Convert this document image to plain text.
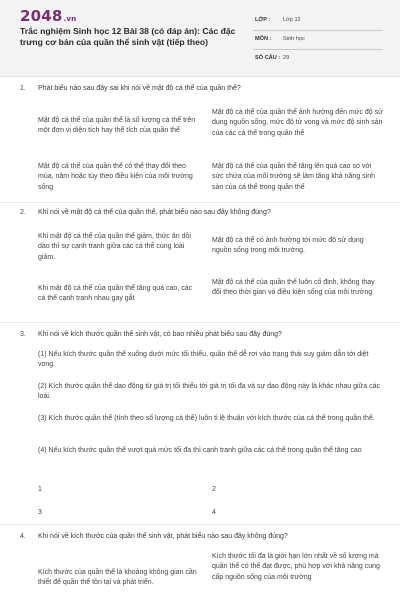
2048.vn
Trắc nghiệm Sinh học 12 Bài 38 (có đáp án): Các đặc trưng cơ bản của quần thể sinh vật (tiếp theo)
LỚP : Lớp 12
MÔN : Sinh học
SỐ CÂU : 29
1. Phát biểu nào sau đây sai khi nói về mật độ cá thể của quần thể?
Mật độ cá thể của quần thể là số lượng cá thể trên một đơn vị diện tích hay thể tích của quần thể
Mật độ cá thể của quần thể ảnh hưởng đến mức độ sử dụng nguồn sống, mức độ tử vong và mức độ sinh sản của các cá thể trong quần thể
Mật độ cá thể của quần thể có thể thay đổi theo mùa, năm hoặc tùy theo điều kiện của môi trường sống
Mật độ cá thể của quần thể tăng lên quá cao so với sức chứa của môi trường sẽ làm tăng khả năng sinh sản của cá thể trong quần thể
2. Khi nói về mật độ cá thể của quần thể, phát biểu nào sau đây không đúng?
Khi mật độ cá thể của quần thể giảm, thức ăn dồi dào thì sự cạnh tranh giữa các cá thể cùng loài giảm.
Mật độ cá thể có ảnh hưởng tới mức độ sử dụng nguồn sống trong môi trường.
Khi mật độ cá thể của quần thể tăng quá cao, các cá thể cạnh tranh nhau gay gắt
Mật độ cá thể của quần thể luôn cố định, không thay đổi theo thời gian và điều kiện sống của môi trường
3. Khi nói về kích thước quần thể sinh vật, có bao nhiêu phát biểu sau đây đúng?
(1) Nếu kích thước quần thể xuống dưới mức tối thiểu, quần thể dễ rơi vào trạng thái suy giảm dẫn tới diệt vong.
(2) Kích thước quần thể dao động từ giá trị tối thiểu tới giá trị tối đa và sự dao động này là khác nhau giữa các loài.
(3) Kích thước quần thể (tính theo số lượng cá thể) luôn tỉ lệ thuận với kích thước của cá thể trong quần thể.
(4) Nếu kích thước quần thể vượt quá mức tối đa thì cạnh tranh giữa các cá thể trong quần thể tăng cao
1	2
3	4
4. Khi nói về kích thước của quần thể sinh vật, phát biểu nào sau đây không đúng?
Kích thước của quần thể là khoảng không gian cần thiết để quần thể tồn tại và phát triển.
Kích thước tối đa là giới hạn lớn nhất về số lượng mà quần thể có thể đạt được, phù hợp với khả năng cung cấp nguồn sống của môi trường
